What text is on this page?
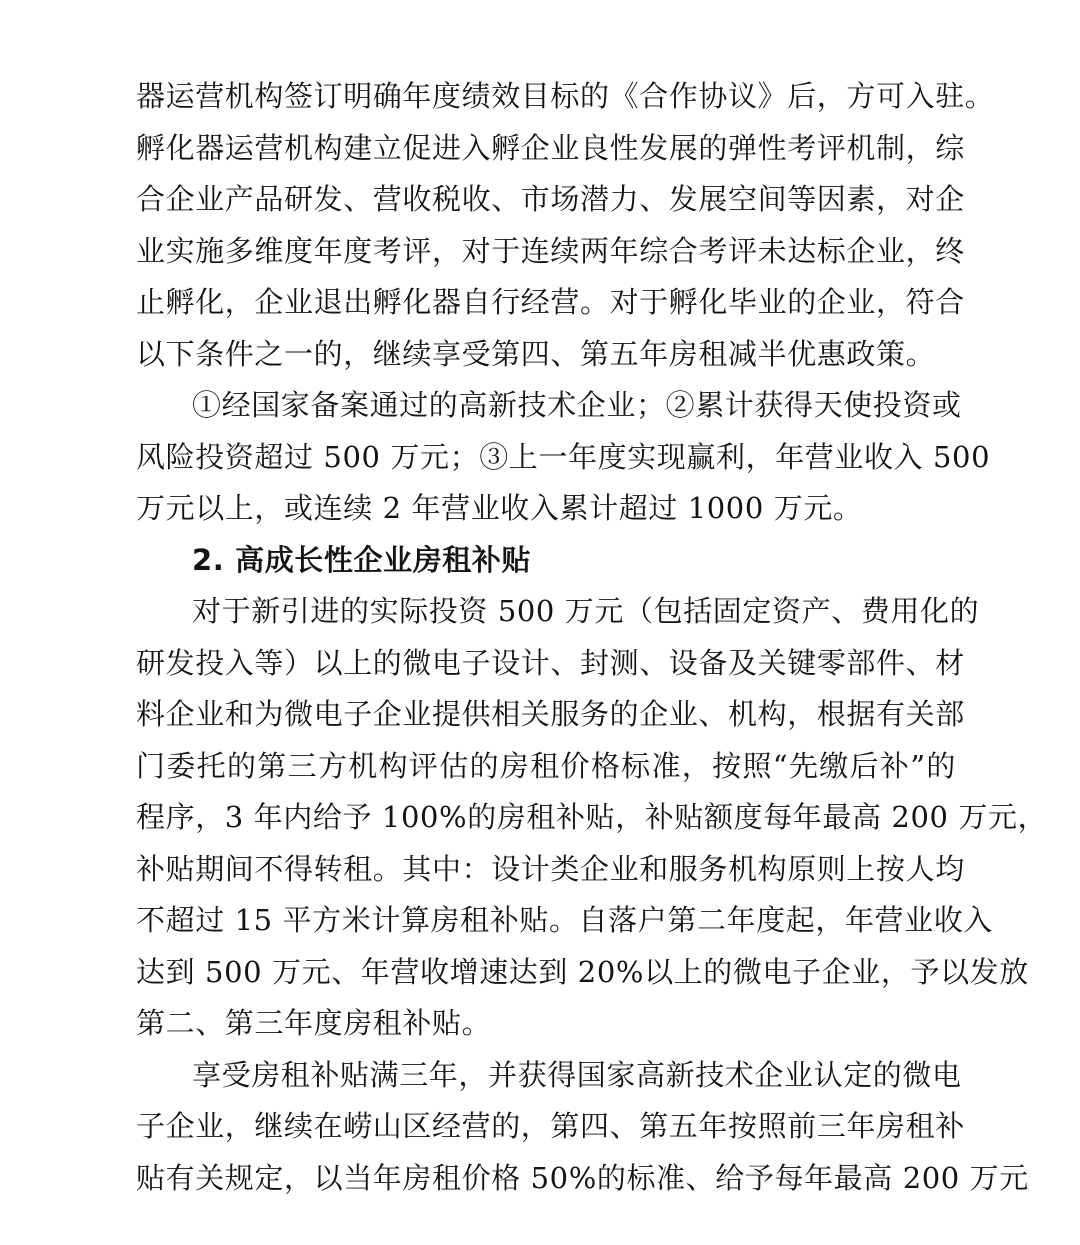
器运营机构签订明确年度绩效目标的《合作协议》后，方可入驻。
孵化器运营机构建立促进入孵企业良性发展的弹性考评机制，综
合企业产品研发、营收税收、市场潜力、发展空间等因素，对企
业实施多维度年度考评，对于连续两年综合考评未达标企业，终
止孵化，企业退出孵化器自行经营。对于孵化毕业的企业，符合
以下条件之一的，继续享受第四、第五年房租减半优惠政策。
①经国家备案通过的高新技术企业；②累计获得天使投资或
风险投资超过 500 万元；③上一年度实现赢利，年营业收入 500
万元以上，或连续 2 年营业收入累计超过 1000 万元。
2. 高成长性企业房租补贴
对于新引进的实际投资 500 万元（包括固定资产、费用化的
研发投入等）以上的微电子设计、封测、设备及关键零部件、材
料企业和为微电子企业提供相关服务的企业、机构，根据有关部
门委托的第三方机构评估的房租价格标准，按照“先缴后补”的
程序，3 年内给予 100%的房租补贴，补贴额度每年最高 200 万元，
补贴期间不得转租。其中：设计类企业和服务机构原则上按人均
不超过 15 平方米计算房租补贴。自落户第二年度起，年营业收入
达到 500 万元、年营收增速达到 20%以上的微电子企业，予以发放
第二、第三年度房租补贴。
享受房租补贴满三年，并获得国家高新技术企业认定的微电
子企业，继续在崂山区经营的，第四、第五年按照前三年房租补
贴有关规定，以当年房租价格 50%的标准、给予每年最高 200 万元
